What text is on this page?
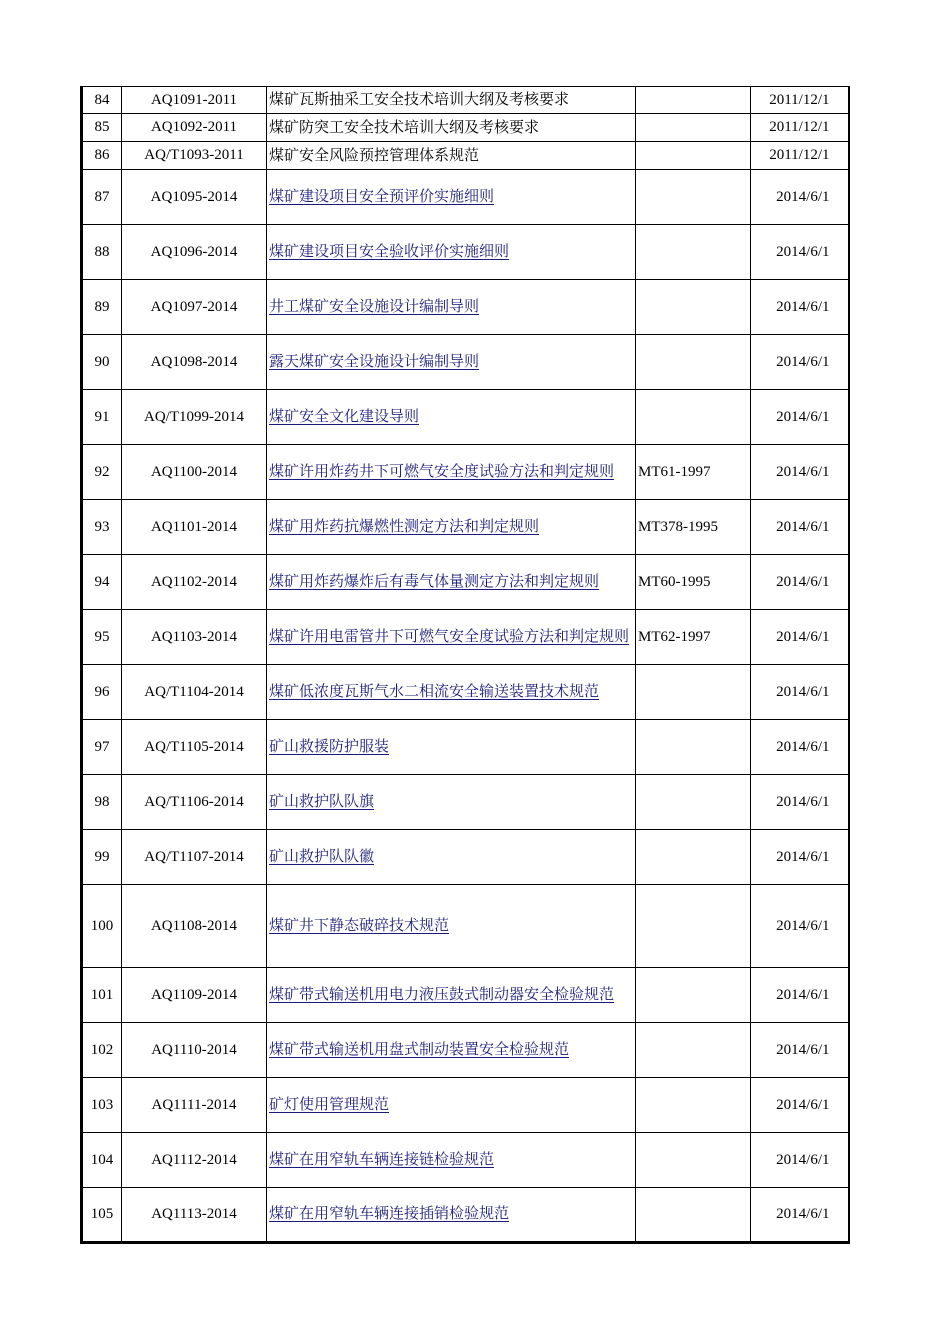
84	AQ1091-2011	煤矿瓦斯抽采工安全技术培训大纲及考核要求		2011/12/1
85	AQ1092-2011	煤矿防突工安全技术培训大纲及考核要求		2011/12/1
86	AQ/T1093-2011	煤矿安全风险预控管理体系规范		2011/12/1
87	AQ1095-2014	煤矿建设项目安全预评价实施细则		2014/6/1
88	AQ1096-2014	煤矿建设项目安全验收评价实施细则		2014/6/1
89	AQ1097-2014	井工煤矿安全设施设计编制导则		2014/6/1
90	AQ1098-2014	露天煤矿安全设施设计编制导则		2014/6/1
91	AQ/T1099-2014	煤矿安全文化建设导则		2014/6/1
92	AQ1100-2014	煤矿许用炸药井下可燃气安全度试验方法和判定规则	MT61-1997	2014/6/1
93	AQ1101-2014	煤矿用炸药抗爆燃性测定方法和判定规则	MT378-1995	2014/6/1
94	AQ1102-2014	煤矿用炸药爆炸后有毒气体量测定方法和判定规则	MT60-1995	2014/6/1
95	AQ1103-2014	煤矿许用电雷管井下可燃气安全度试验方法和判定规则	MT62-1997	2014/6/1
96	AQ/T1104-2014	煤矿低浓度瓦斯气水二相流安全输送装置技术规范		2014/6/1
97	AQ/T1105-2014	矿山救援防护服装		2014/6/1
98	AQ/T1106-2014	矿山救护队队旗		2014/6/1
99	AQ/T1107-2014	矿山救护队队徽		2014/6/1
100	AQ1108-2014	煤矿井下静态破碎技术规范		2014/6/1
101	AQ1109-2014	煤矿带式输送机用电力液压鼓式制动器安全检验规范		2014/6/1
102	AQ1110-2014	煤矿带式输送机用盘式制动装置安全检验规范		2014/6/1
103	AQ1111-2014	矿灯使用管理规范		2014/6/1
104	AQ1112-2014	煤矿在用窄轨车辆连接链检验规范		2014/6/1
105	AQ1113-2014	煤矿在用窄轨车辆连接插销检验规范		2014/6/1
